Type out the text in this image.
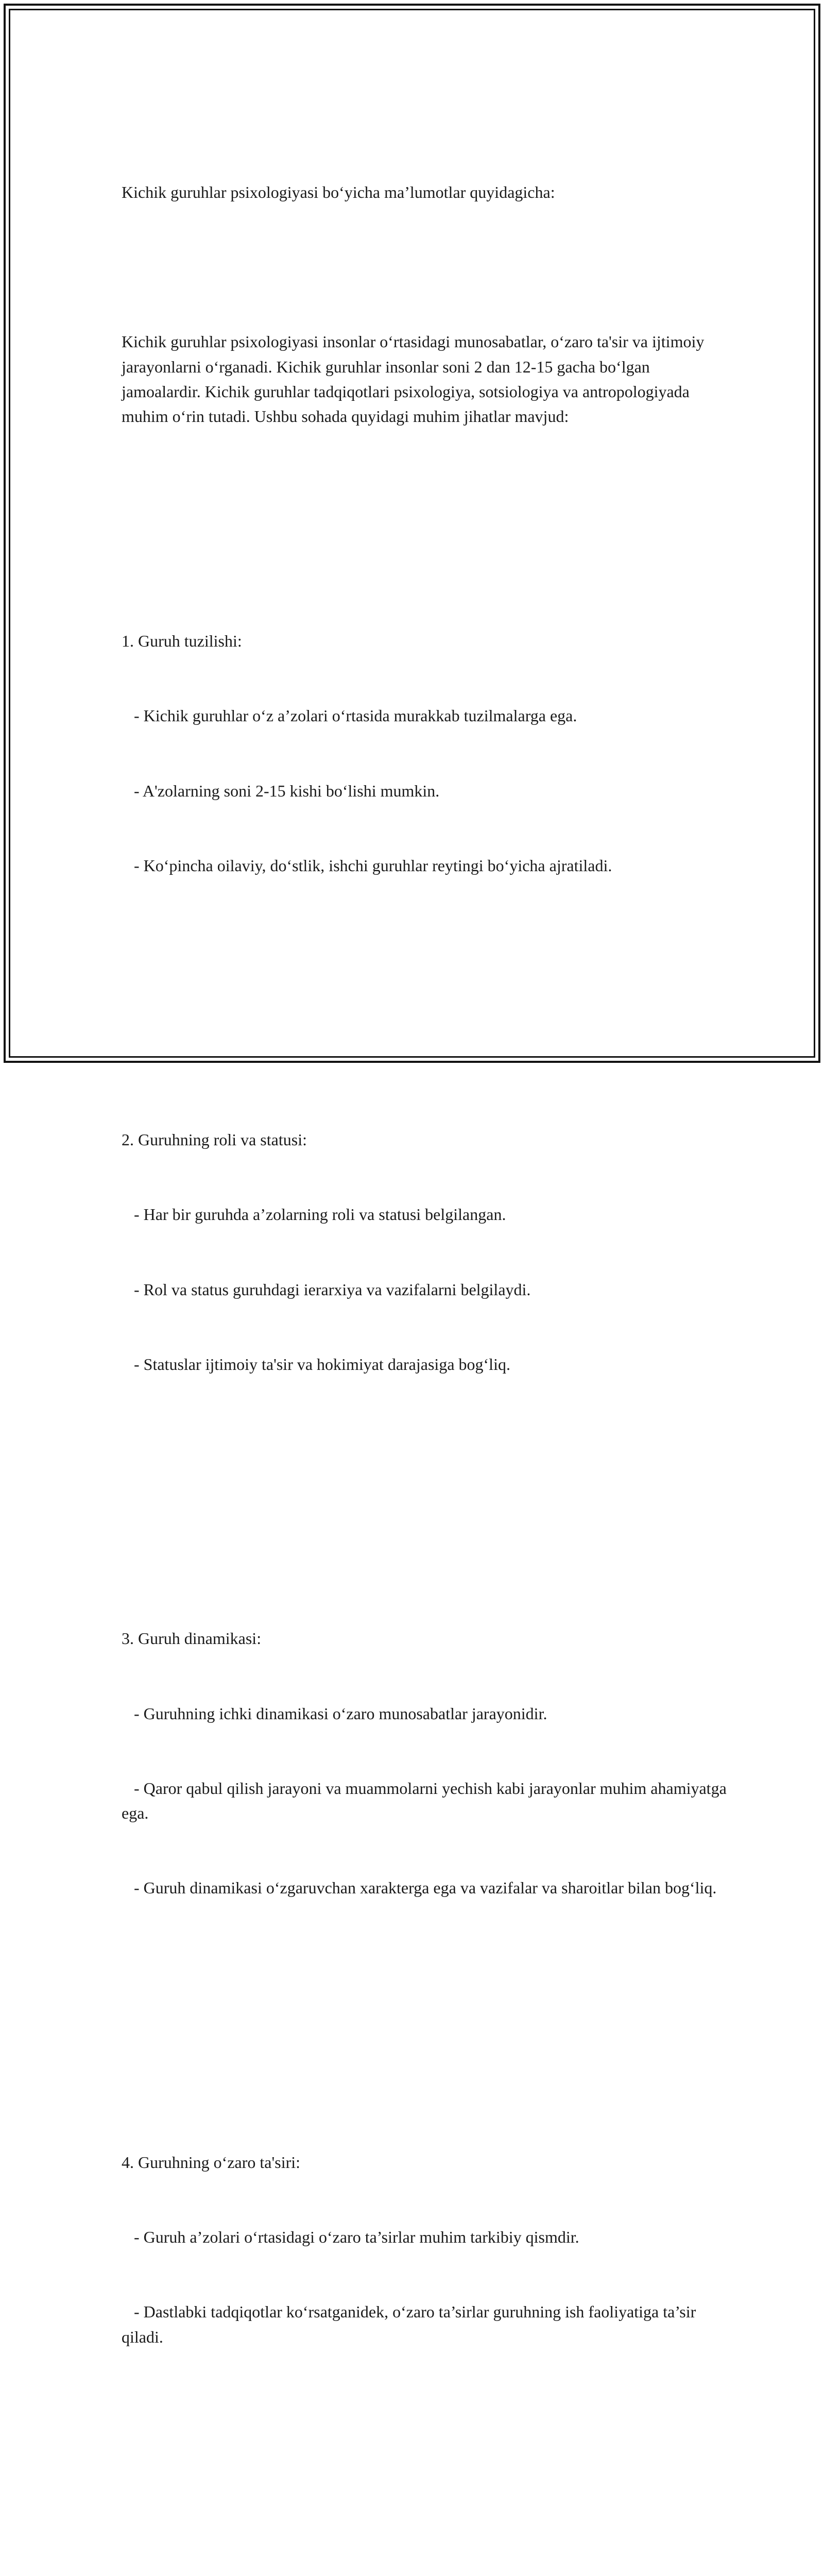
Kichik guruhlar psixologiyasi bo‘yicha ma’lumotlar quyidagicha:

Kichik guruhlar psixologiyasi insonlar o‘rtasidagi munosabatlar, o‘zaro ta'sir va ijtimoiy jarayonlarni o‘rganadi. Kichik guruhlar insonlar soni 2 dan 12-15 gacha bo‘lgan jamoalardir. Kichik guruhlar tadqiqotlari psixologiya, sotsiologiya va antropologiyada muhim o‘rin tutadi. Ushbu sohada quyidagi muhim jihatlar mavjud:

1. Guruh tuzilishi:

- Kichik guruhlar o‘z a’zolari o‘rtasida murakkab tuzilmalarga ega.

- A'zolarning soni 2-15 kishi bo‘lishi mumkin.

- Ko‘pincha oilaviy, do‘stlik, ishchi guruhlar reytingi bo‘yicha ajratiladi.

2. Guruhning roli va statusi:

- Har bir guruhda a’zolarning roli va statusi belgilangan.

- Rol va status guruhdagi ierarxiya va vazifalarni belgilaydi.

- Statuslar ijtimoiy ta'sir va hokimiyat darajasiga bog‘liq.

3. Guruh dinamikasi:

- Guruhning ichki dinamikasi o‘zaro munosabatlar jarayonidir.

- Qaror qabul qilish jarayoni va muammolarni yechish kabi jarayonlar muhim ahamiyatga ega.

- Guruh dinamikasi o‘zgaruvchan xarakterga ega va vazifalar va sharoitlar bilan bog‘liq.

4. Guruhning o‘zaro ta'siri:

- Guruh a’zolari o‘rtasidagi o‘zaro ta’sirlar muhim tarkibiy qismdir.

- Dastlabki tadqiqotlar ko‘rsatganidek, o‘zaro ta’sirlar guruhning ish faoliyatiga ta’sir qiladi.
